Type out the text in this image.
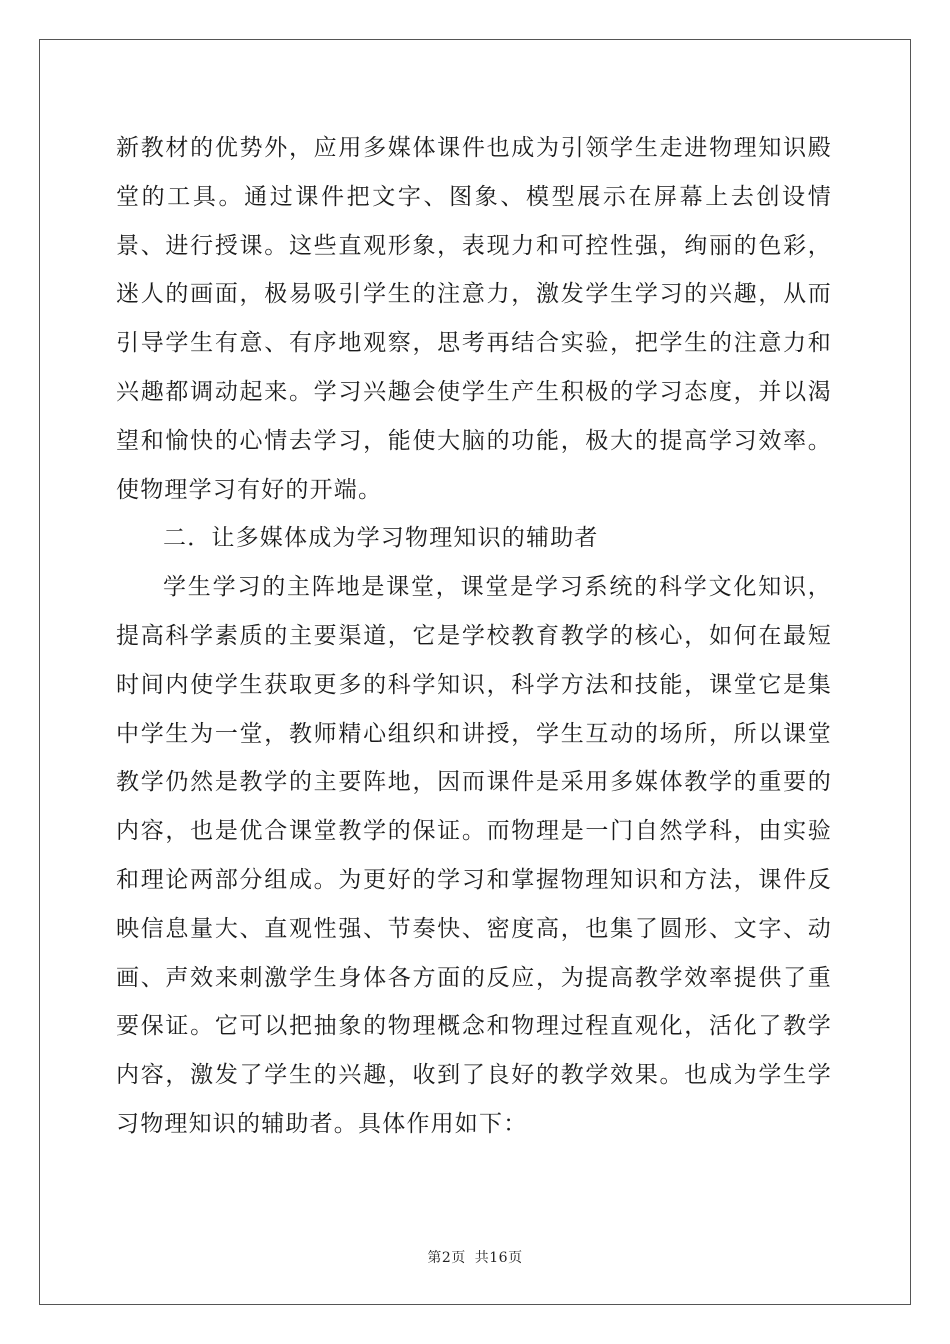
新教材的优势外，应用多媒体课件也成为引领学生走进物理知识殿堂的工具。通过课件把文字、图象、模型展示在屏幕上去创设情景、进行授课。这些直观形象，表现力和可控性强，绚丽的色彩，迷人的画面，极易吸引学生的注意力，激发学生学习的兴趣，从而引导学生有意、有序地观察，思考再结合实验，把学生的注意力和兴趣都调动起来。学习兴趣会使学生产生积极的学习态度，并以渴望和愉快的心情去学习，能使大脑的功能，极大的提高学习效率。使物理学习有好的开端。

二．让多媒体成为学习物理知识的辅助者

学生学习的主阵地是课堂，课堂是学习系统的科学文化知识，提高科学素质的主要渠道，它是学校教育教学的核心，如何在最短时间内使学生获取更多的科学知识，科学方法和技能，课堂它是集中学生为一堂，教师精心组织和讲授，学生互动的场所，所以课堂教学仍然是教学的主要阵地，因而课件是采用多媒体教学的重要的内容，也是优合课堂教学的保证。而物理是一门自然学科，由实验和理论两部分组成。为更好的学习和掌握物理知识和方法，课件反映信息量大、直观性强、节奏快、密度高，也集了圆形、文字、动画、声效来刺激学生身体各方面的反应，为提高教学效率提供了重要保证。它可以把抽象的物理概念和物理过程直观化，活化了教学内容，激发了学生的兴趣，收到了良好的教学效果。也成为学生学习物理知识的辅助者。具体作用如下：

第2页 共16页
